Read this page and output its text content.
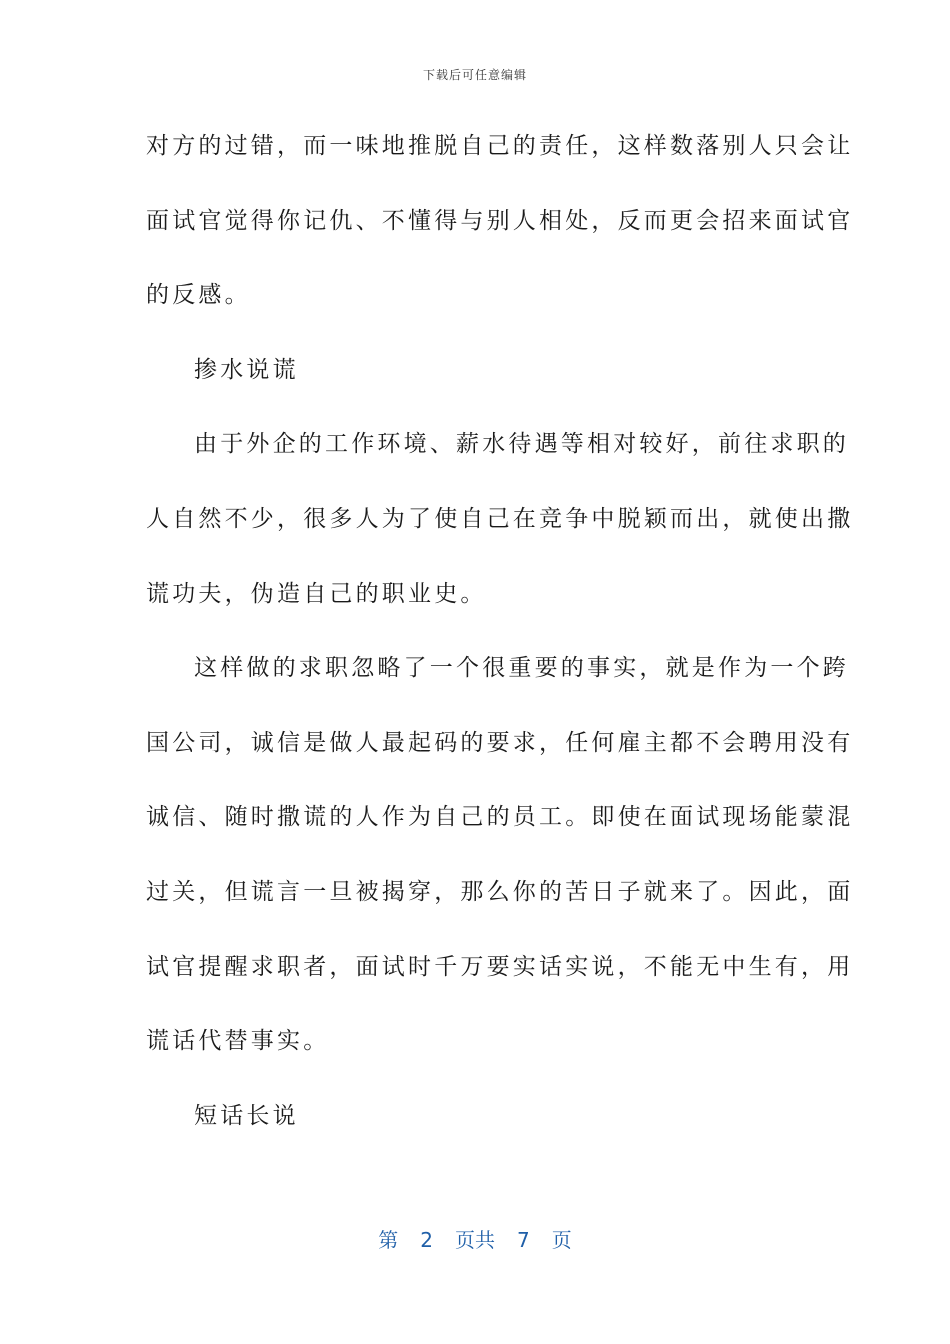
下载后可任意编辑
对方的过错，而一味地推脱自己的责任，这样数落别人只会让
面试官觉得你记仇、不懂得与别人相处，反而更会招来面试官
的反感。
掺水说谎
由于外企的工作环境、薪水待遇等相对较好，前往求职的
人自然不少，很多人为了使自己在竞争中脱颖而出，就使出撒
谎功夫，伪造自己的职业史。
这样做的求职忽略了一个很重要的事实，就是作为一个跨
国公司，诚信是做人最起码的要求，任何雇主都不会聘用没有
诚信、随时撒谎的人作为自己的员工。即使在面试现场能蒙混
过关，但谎言一旦被揭穿，那么你的苦日子就来了。因此，面
试官提醒求职者，面试时千万要实话实说，不能无中生有，用
谎话代替事实。
短话长说
第 2 页共 7 页
